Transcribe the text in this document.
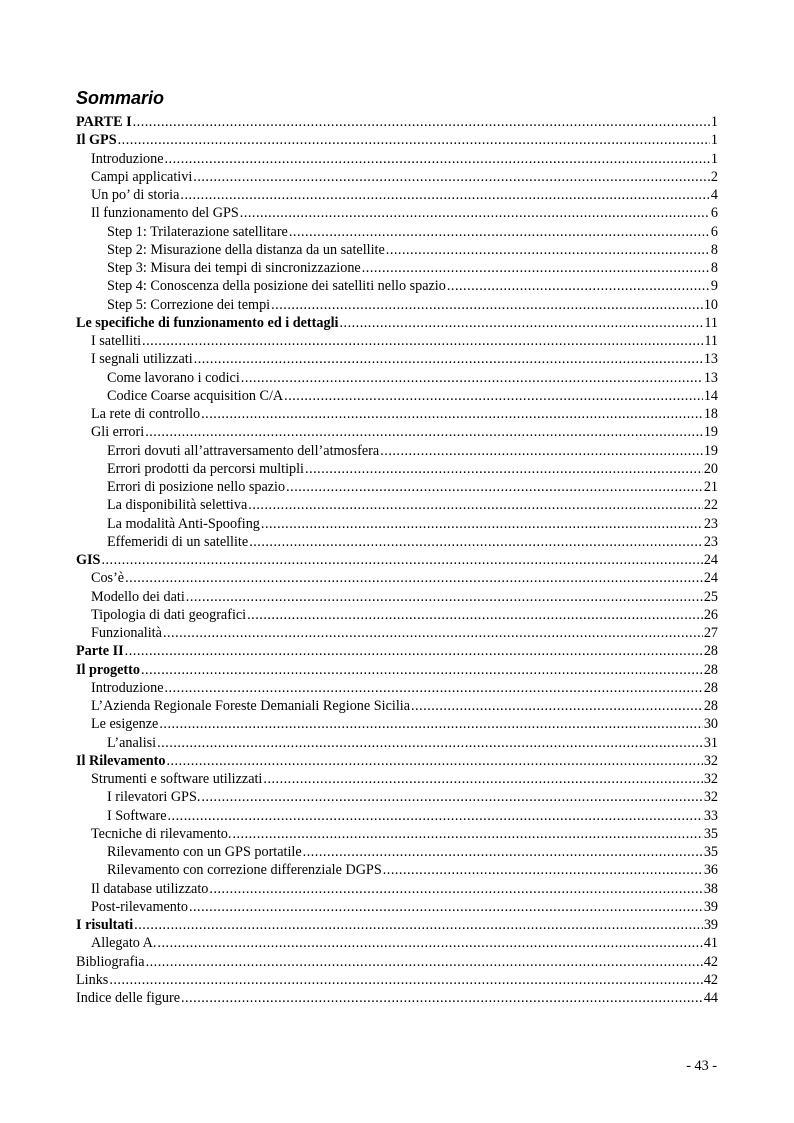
Sommario
PARTE I .....	1
Il GPS .....	1
Introduzione .....	1
Campi applicativi .....	2
Un po’ di storia .....	4
Il funzionamento del GPS .....	6
Step 1: Trilaterazione satellitare .....	6
Step 2: Misurazione della distanza da un satellite .....	8
Step 3: Misura dei tempi di sincronizzazione .....	8
Step 4: Conoscenza della posizione dei satelliti nello spazio .....	9
Step 5: Correzione dei tempi .....	10
Le specifiche di funzionamento ed i dettagli .....	11
I satelliti .....	11
I segnali utilizzati .....	13
Come lavorano i codici .....	13
Codice Coarse acquisition C/A .....	14
La rete di controllo .....	18
Gli errori .....	19
Errori dovuti all’attraversamento dell’atmosfera .....	19
Errori prodotti da percorsi multipli .....	20
Errori di posizione nello spazio .....	21
La disponibilità selettiva .....	22
La modalità Anti-Spoofing .....	23
Effemeridi di un satellite .....	23
GIS .....	24
Cos’è .....	24
Modello dei dati .....	25
Tipologia di dati geografici .....	26
Funzionalità .....	27
Parte II .....	28
Il progetto .....	28
Introduzione .....	28
L’Azienda Regionale Foreste Demaniali Regione Sicilia .....	28
Le esigenze .....	30
L’analisi .....	31
Il Rilevamento .....	32
Strumenti e software utilizzati .....	32
I rilevatori GPS. .....	32
I Software .....	33
Tecniche di rilevamento. .....	35
Rilevamento con un GPS portatile .....	35
Rilevamento con correzione differenziale DGPS .....	36
Il database utilizzato .....	38
Post-rilevamento .....	39
I risultati .....	39
Allegato A. .....	41
Bibliografia .....	42
Links .....	42
Indice delle figure .....	44
- 43 -
